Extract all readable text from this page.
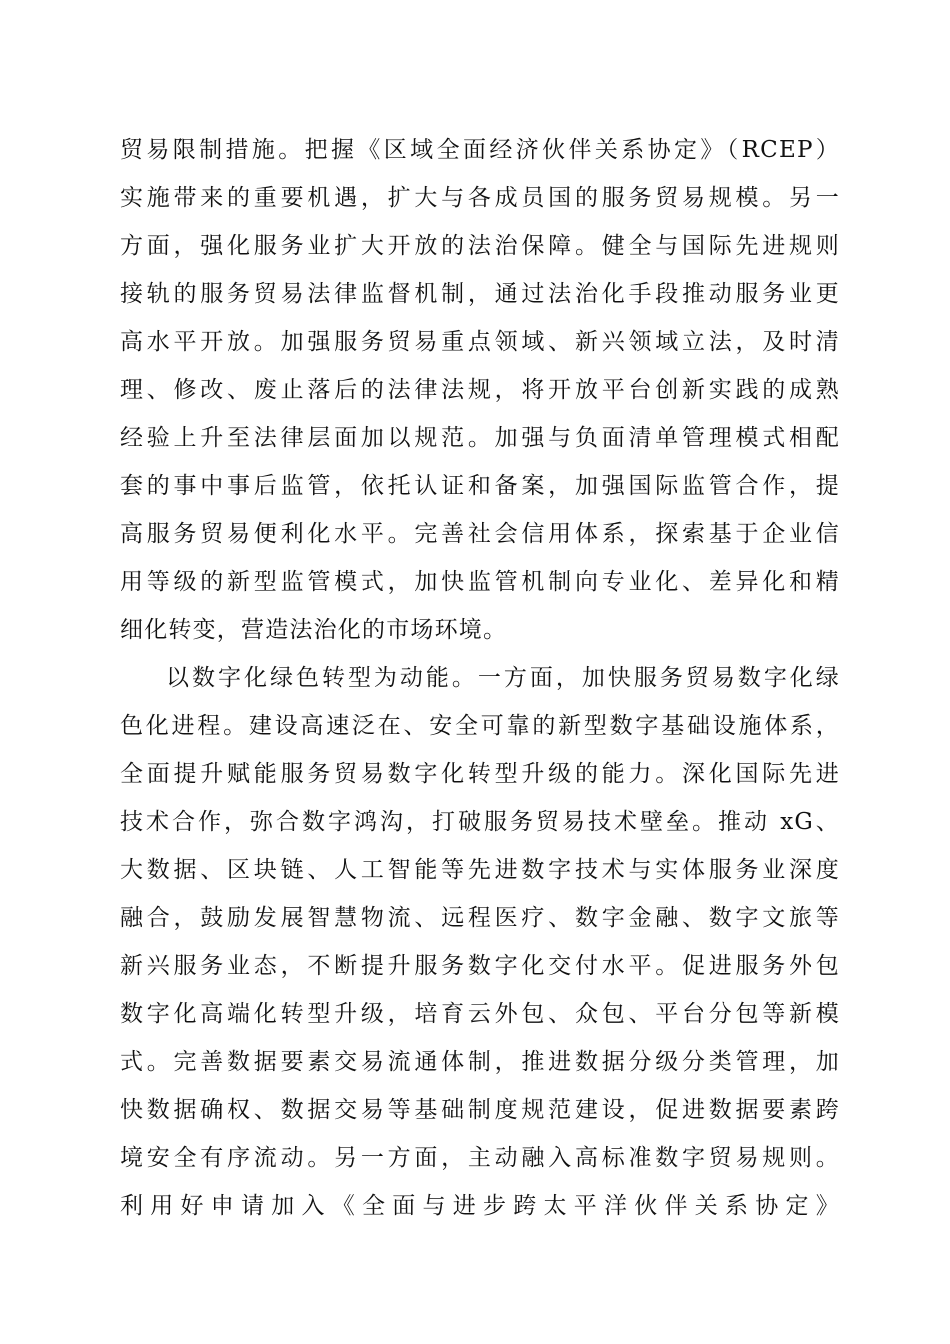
贸易限制措施。把握《区域全面经济伙伴关系协定》（RCEP）
实施带来的重要机遇，扩大与各成员国的服务贸易规模。另一
方面，强化服务业扩大开放的法治保障。健全与国际先进规则
接轨的服务贸易法律监督机制，通过法治化手段推动服务业更
高水平开放。加强服务贸易重点领域、新兴领域立法，及时清
理、修改、废止落后的法律法规，将开放平台创新实践的成熟
经验上升至法律层面加以规范。加强与负面清单管理模式相配
套的事中事后监管，依托认证和备案，加强国际监管合作，提
高服务贸易便利化水平。完善社会信用体系，探索基于企业信
用等级的新型监管模式，加快监管机制向专业化、差异化和精
细化转变，营造法治化的市场环境。
以数字化绿色转型为动能。一方面，加快服务贸易数字化绿
色化进程。建设高速泛在、安全可靠的新型数字基础设施体系，
全面提升赋能服务贸易数字化转型升级的能力。深化国际先进
技术合作，弥合数字鸿沟，打破服务贸易技术壁垒。推动 xG、
大数据、区块链、人工智能等先进数字技术与实体服务业深度
融合，鼓励发展智慧物流、远程医疗、数字金融、数字文旅等
新兴服务业态，不断提升服务数字化交付水平。促进服务外包
数字化高端化转型升级，培育云外包、众包、平台分包等新模
式。完善数据要素交易流通体制，推进数据分级分类管理，加
快数据确权、数据交易等基础制度规范建设，促进数据要素跨
境安全有序流动。另一方面，主动融入高标准数字贸易规则。
利用好申请加入《全面与进步跨太平洋伙伴关系协定》
